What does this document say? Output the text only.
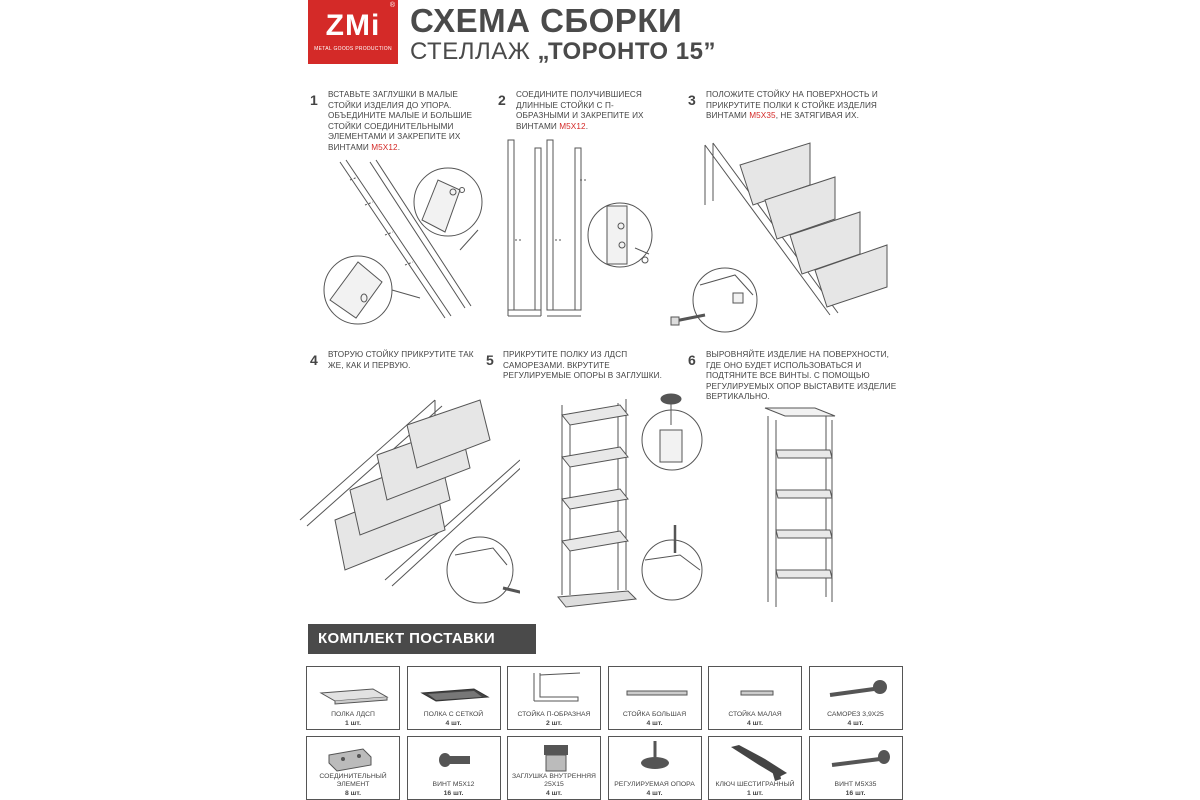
®
ZMi
METAL GOODS PRODUCTION
СХЕМА СБОРКИ
СТЕЛЛАЖ „ТОРОНТО 15”
1 ВСТАВЬТЕ ЗАГЛУШКИ В МАЛЫЕ СТОЙКИ ИЗДЕЛИЯ ДО УПОРА. ОБЪЕДИНИТЕ МАЛЫЕ И БОЛЬШИЕ СТОЙКИ СОЕДИНИТЕЛЬНЫМИ ЭЛЕМЕНТАМИ И ЗАКРЕПИТЕ ИХ ВИНТАМИ М5Х12.
2 СОЕДИНИТЕ ПОЛУЧИВШИЕСЯ ДЛИННЫЕ СТОЙКИ С П-ОБРАЗНЫМИ И ЗАКРЕПИТЕ ИХ ВИНТАМИ М5Х12.
3 ПОЛОЖИТЕ СТОЙКУ НА ПОВЕРХНОСТЬ И ПРИКРУТИТЕ ПОЛКИ К СТОЙКЕ ИЗДЕЛИЯ ВИНТАМИ М5Х35, НЕ ЗАТЯГИВАЯ ИХ.
4 ВТОРУЮ СТОЙКУ ПРИКРУТИТЕ ТАК ЖЕ, КАК И ПЕРВУЮ.	5 ПРИКРУТИТЕ ПОЛКУ ИЗ ЛДСП САМОРЕЗАМИ. ВКРУТИТЕ РЕГУЛИРУЕМЫЕ ОПОРЫ В ЗАГЛУШКИ.
6 ВЫРОВНЯЙТЕ ИЗДЕЛИЕ НА ПОВЕРХНОСТИ, ГДЕ ОНО БУДЕТ ИСПОЛЬЗОВАТЬСЯ И ПОДТЯНИТЕ ВСЕ ВИНТЫ. С ПОМОЩЬЮ РЕГУЛИРУЕМЫХ ОПОР ВЫСТАВИТЕ ИЗДЕЛИЕ ВЕРТИКАЛЬНО.
КОМПЛЕКТ ПОСТАВКИ
ПОЛКА ЛДСП
1 шт.
ПОЛКА С СЕТКОЙ
4 шт.
СТОЙКА П-ОБРАЗНАЯ
2 шт.
СТОЙКА БОЛЬШАЯ
4 шт.
СТОЙКА МАЛАЯ
4 шт.
САМОРЕЗ 3,9Х25
4 шт.
СОЕДИНИТЕЛЬНЫЙ ЭЛЕМЕНТ
8 шт.
ВИНТ М5Х12
16 шт.
ЗАГЛУШКА ВНУТРЕННЯЯ 25Х15
4 шт.
РЕГУЛИРУЕМАЯ ОПОРА
4 шт.
КЛЮЧ ШЕСТИГРАННЫЙ
1 шт.
ВИНТ М5Х35
16 шт.
